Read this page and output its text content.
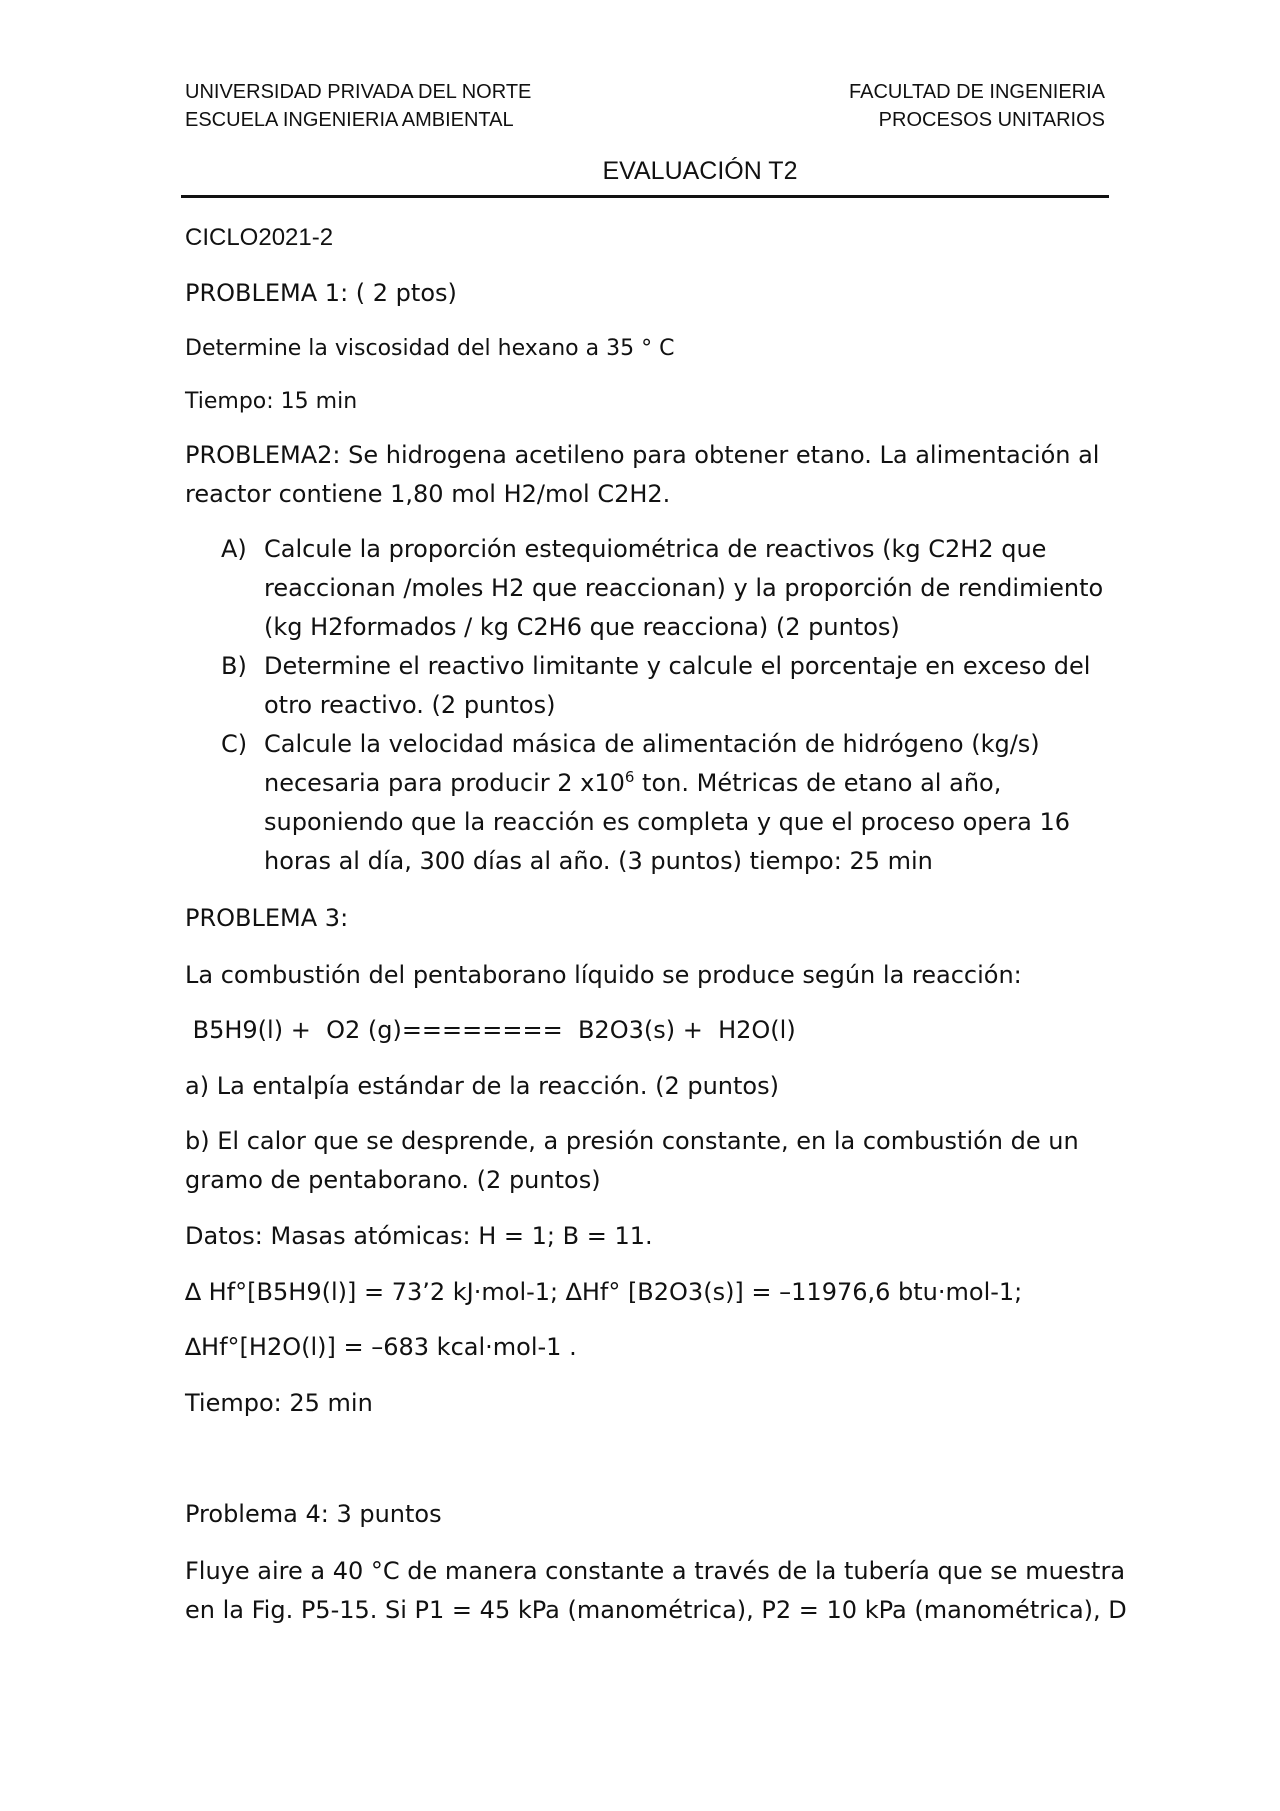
UNIVERSIDAD PRIVADA DEL NORTE
ESCUELA INGENIERIA AMBIENTAL
FACULTAD DE INGENIERIA
PROCESOS UNITARIOS
EVALUACIÓN T2
CICLO2021-2
PROBLEMA 1: ( 2 ptos)
Determine la viscosidad del hexano a 35 ° C
Tiempo: 15 min
PROBLEMA2: Se hidrogena acetileno para obtener etano. La alimentación al
reactor contiene 1,80 mol H2/mol C2H2.
A) Calcule la proporción estequiométrica de reactivos (kg C2H2 que
reaccionan /moles H2 que reaccionan) y la proporción de rendimiento
(kg H2formados / kg C2H6 que reacciona) (2 puntos)
B) Determine el reactivo limitante y calcule el porcentaje en exceso del
otro reactivo. (2 puntos)
C) Calcule la velocidad másica de alimentación de hidrógeno (kg/s)
necesaria para producir 2 $x10^6$ ton. Métricas de etano al año,
suponiendo que la reacción es completa y que el proceso opera 16
horas al día, 300 días al año. (3 puntos) tiempo: 25 min
PROBLEMA 3:
La combustión del pentaborano líquido se produce según la reacción:
B5H9(l) +  O2 (g)========  B2O3(s) +  H2O(l)
a) La entalpía estándar de la reacción. (2 puntos)
b) El calor que se desprende, a presión constante, en la combustión de un
gramo de pentaborano. (2 puntos)
Datos: Masas atómicas: H = 1; B = 11.
∆ Hf°[B5H9(l)] = 73’2 kJ·mol-1; ∆Hf° [B2O3(s)] = –11976,6 btu·mol-1;
∆Hf°[H2O(l)] = –683 kcal·mol-1 .
Tiempo: 25 min
Problema 4: 3 puntos
Fluye aire a 40 °C de manera constante a través de la tubería que se muestra
en la Fig. P5-15. Si P1 = 45 kPa (manométrica), P2 = 10 kPa (manométrica), D
